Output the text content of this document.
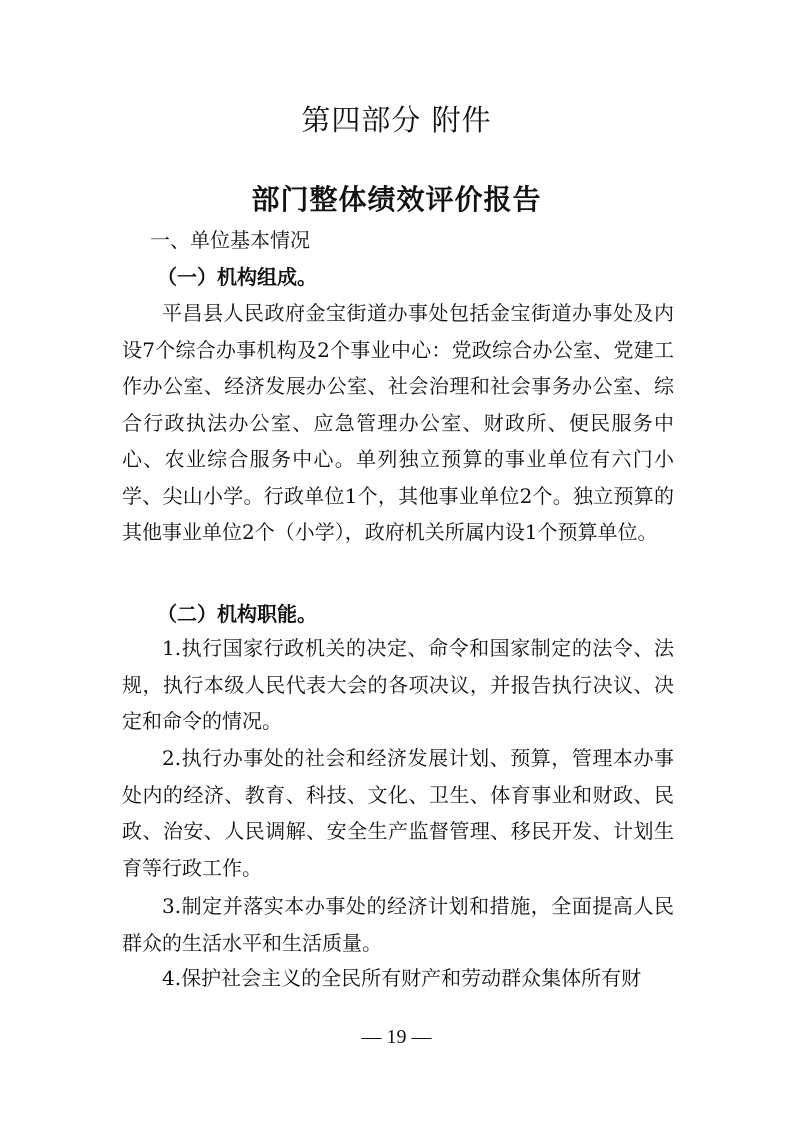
第四部分 附件
部门整体绩效评价报告
一、单位基本情况
（一）机构组成。

平昌县人民政府金宝街道办事处包括金宝街道办事处及内设7个综合办事机构及2个事业中心：党政综合办公室、党建工作办公室、经济发展办公室、社会治理和社会事务办公室、综合行政执法办公室、应急管理办公室、财政所、便民服务中心、农业综合服务中心。单列独立预算的事业单位有六门小学、尖山小学。行政单位1个，其他事业单位2个。独立预算的其他事业单位2个（小学），政府机关所属内设1个预算单位。

（二）机构职能。

1.执行国家行政机关的决定、命令和国家制定的法令、法规，执行本级人民代表大会的各项决议，并报告执行决议、决定和命令的情况。

2.执行办事处的社会和经济发展计划、预算，管理本办事处内的经济、教育、科技、文化、卫生、体育事业和财政、民政、治安、人民调解、安全生产监督管理、移民开发、计划生育等行政工作。

3.制定并落实本办事处的经济计划和措施，全面提高人民群众的生活水平和生活质量。

4.保护社会主义的全民所有财产和劳动群众集体所有财

— 19 —
